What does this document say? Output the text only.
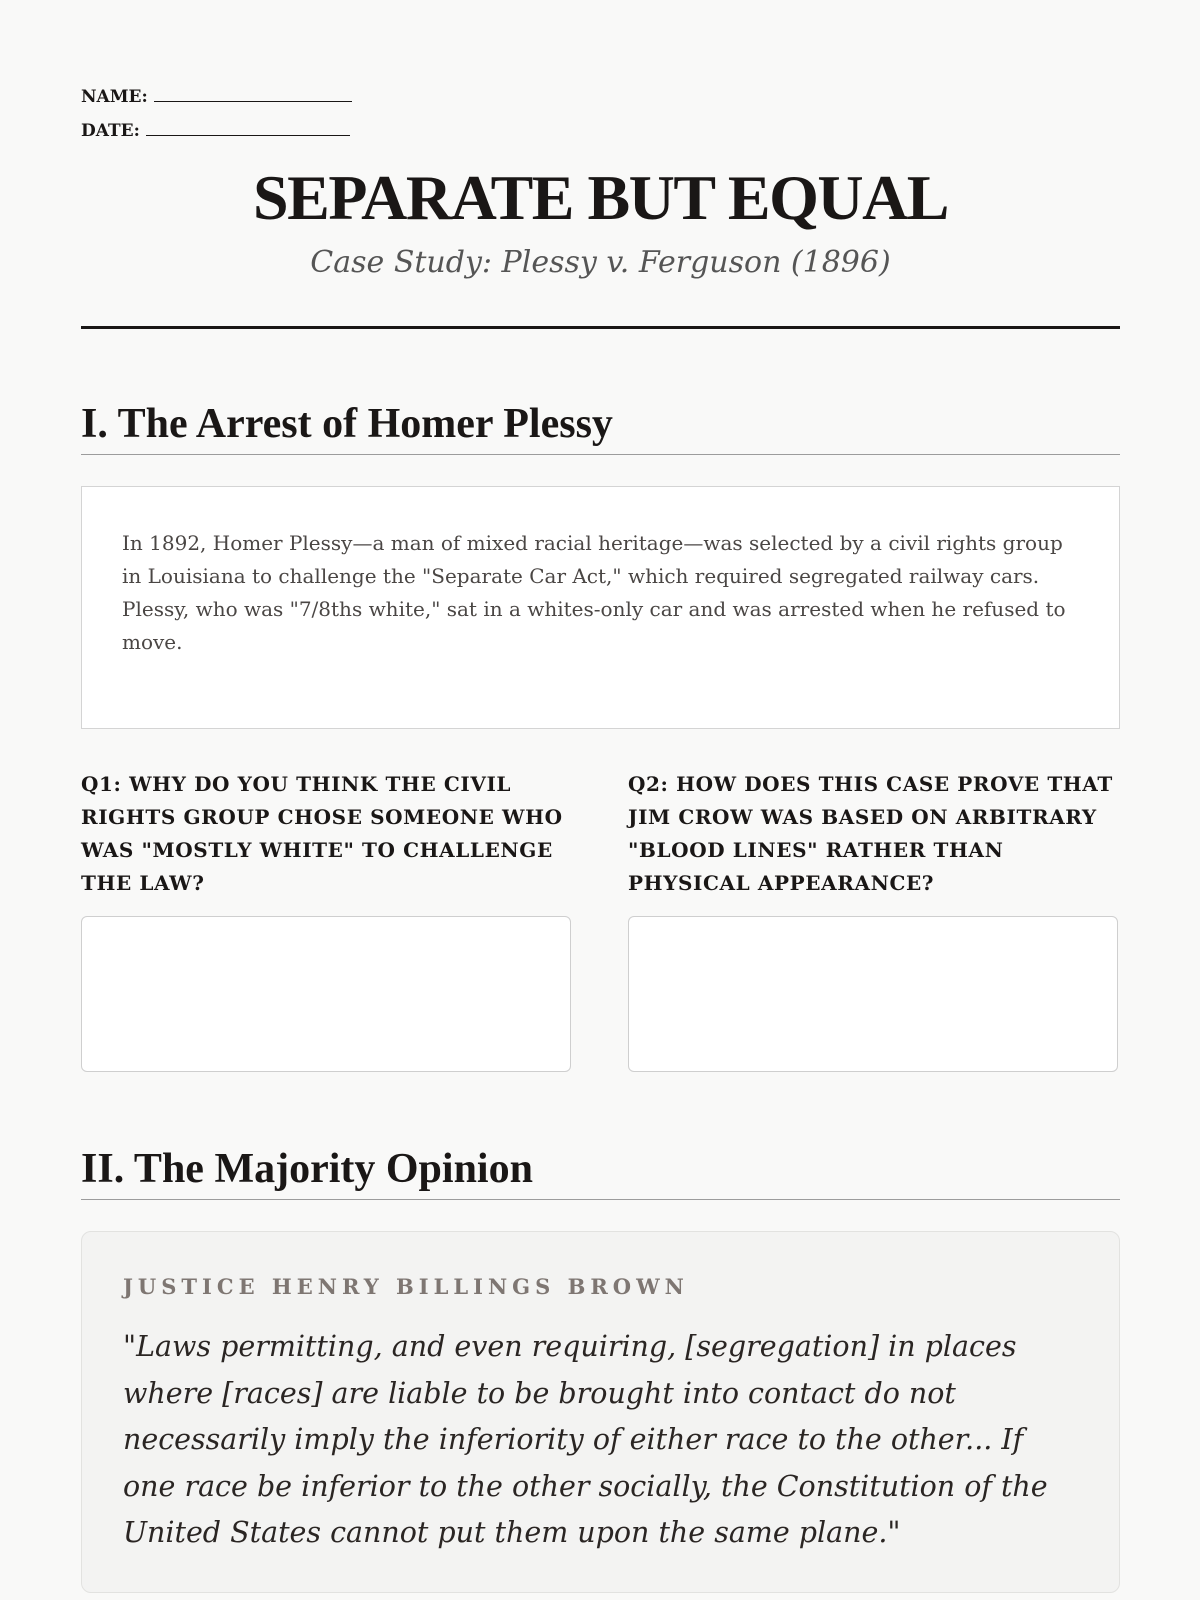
NAME:
DATE:
SEPARATE BUT EQUAL
Case Study: Plessy v. Ferguson (1896)
I. The Arrest of Homer Plessy
In 1892, Homer Plessy—a man of mixed racial heritage—was selected by a civil rights group in Louisiana to challenge the "Separate Car Act," which required segregated railway cars. Plessy, who was "7/8ths white," sat in a whites-only car and was arrested when he refused to move.
Q1: WHY DO YOU THINK THE CIVIL RIGHTS GROUP CHOSE SOMEONE WHO WAS "MOSTLY WHITE" TO CHALLENGE THE LAW?
Q2: HOW DOES THIS CASE PROVE THAT JIM CROW WAS BASED ON ARBITRARY "BLOOD LINES" RATHER THAN PHYSICAL APPEARANCE?
II. The Majority Opinion
JUSTICE HENRY BILLINGS BROWN
"Laws permitting, and even requiring, [segregation] in places where [races] are liable to be brought into contact do not necessarily imply the inferiority of either race to the other... If one race be inferior to the other socially, the Constitution of the United States cannot put them upon the same plane."
